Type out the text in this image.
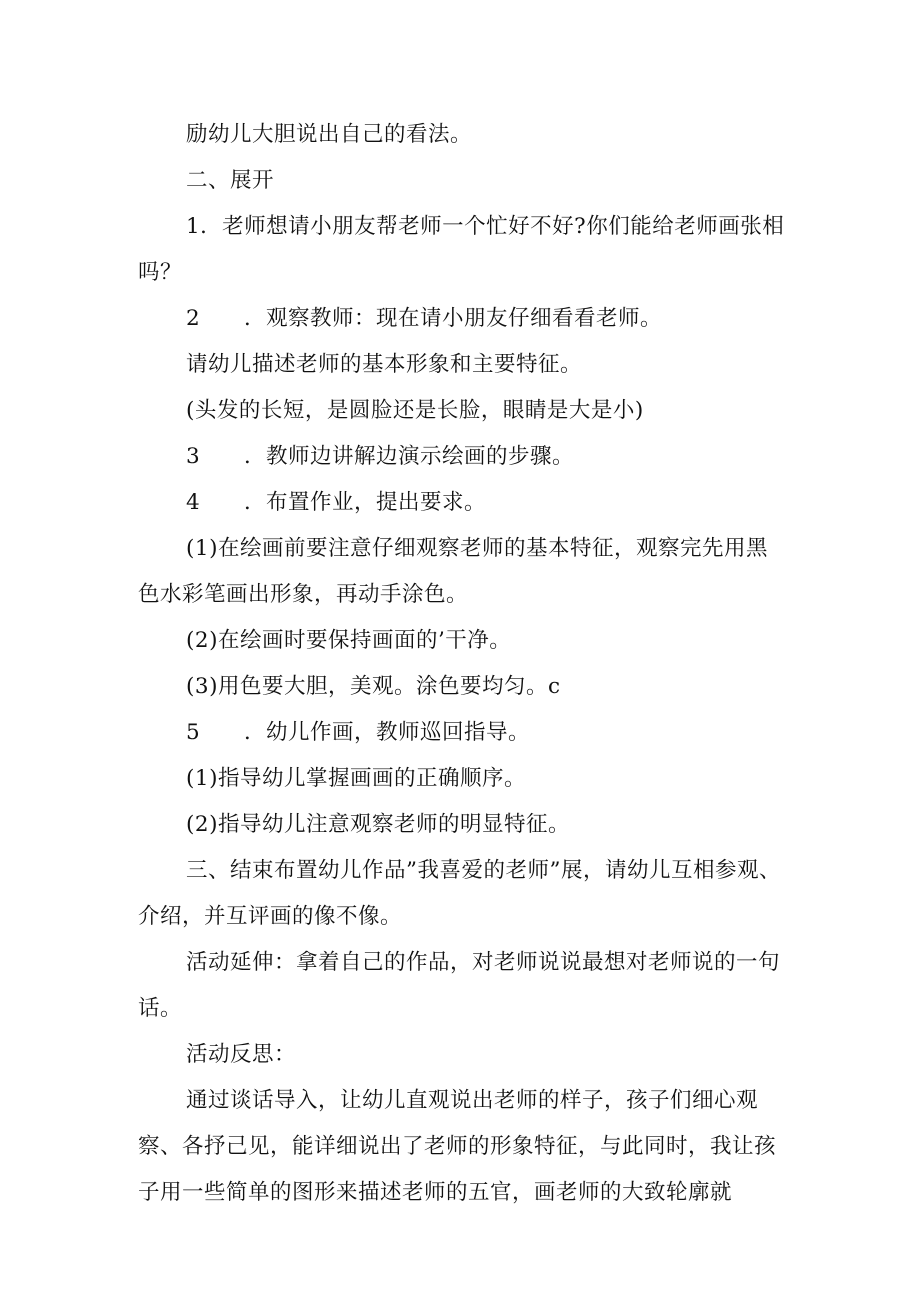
励幼儿大胆说出自己的看法。

二、展开

1．老师想请小朋友帮老师一个忙好不好?你们能给老师画张相吗？

2	．观察教师：现在请小朋友仔细看看老师。

请幼儿描述老师的基本形象和主要特征。

(头发的长短，是圆脸还是长脸，眼睛是大是小)

3	．教师边讲解边演示绘画的步骤。
4	．布置作业，提出要求。

(1)在绘画前要注意仔细观察老师的基本特征，观察完先用黑色水彩笔画出形象，再动手涂色。

(2)在绘画时要保持画面的’干净。

(3)用色要大胆，美观。涂色要均匀。c

5	．幼儿作画，教师巡回指导。

(1)指导幼儿掌握画画的正确顺序。

(2)指导幼儿注意观察老师的明显特征。

三、结束布置幼儿作品”我喜爱的老师”展，请幼儿互相参观、介绍，并互评画的像不像。

活动延伸：拿着自己的作品，对老师说说最想对老师说的一句话。

活动反思：

通过谈话导入，让幼儿直观说出老师的样子，孩子们细心观察、各抒己见，能详细说出了老师的形象特征，与此同时，我让孩子用一些简单的图形来描述老师的五官，画老师的大致轮廓就
